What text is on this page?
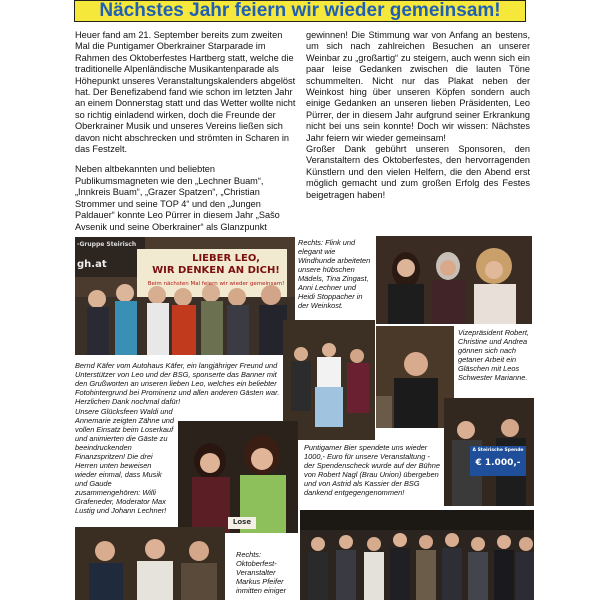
Nächstes Jahr feiern wir wieder gemeinsam!

Heuer fand am 21. September bereits zum zweiten Mal die Puntigamer Oberkrainer Starparade im Rahmen des Oktoberfestes Hartberg statt, welche die traditionelle Alpenländische Musikantenparade als Höhepunkt unseres Veranstaltungskalenders abgelöst hat. Der Benefizabend fand wie schon im letzten Jahr an einem Donnerstag statt und das Wetter wollte nicht so richtig einladend wirken, doch die Freunde der Oberkrainer Musik und unseres Vereins ließen sich davon nicht abschrecken und strömten in Scharen in das Festzelt.

Neben altbekannten und beliebten Publikumsmagneten wie den „Lechner Buam“, „Innkreis Buam“, „Grazer Spatzen“, „Christian Strommer und seine TOP 4“ und den „Jungen Paldauer“ konnte Leo Pürrer in diesem Jahr „Sašo Avsenik und seine Oberkrainer“ als Glanzpunkt

gewinnen! Die Stimmung war von Anfang an bestens, um sich nach zahlreichen Besuchen an unserer Weinbar zu „großartig“ zu steigern, auch wenn sich ein paar leise Gedanken zwischen die lauten Töne schummelten. Nicht nur das Plakat neben der Weinkost hing über unseren Köpfen sondern auch einige Gedanken an unseren lieben Präsidenten, Leo Pürrer, der in diesem Jahr aufgrund seiner Erkrankung nicht bei uns sein konnte! Doch wir wissen: Nächstes Jahr feiern wir wieder gemeinsam!

Großer Dank gebührt unseren Sponsoren, den Veranstaltern des Oktoberfestes, den hervorragenden Künstlern und den vielen Helfern, die den Abend erst möglich gemacht und zum großen Erfolg des Festes beigetragen haben!

-Gruppe Steirisch
gh.at
LIEBER LEO,
WIR DENKEN AN DICH!
Beim nächsten Mal feiern wir wieder gemeinsam!
Rechts: Flink und elegant wie Windhunde arbeiteten unsere hübschen Mädels, Tina Zingast, Anni Lechner und Heidi Stoppacher in der Weinkost.
Bernd Käfer vom Autohaus Käfer, ein langjähriger Freund und Unterstützer von Leo und der BSG, sponserte das Banner mit den Grußworten an unseren lieben Leo, welches ein beliebter Fotohintergrund bei Prominenz und allen anderen Gästen war. Herzlichen Dank nochmal dafür!
Vizepräsident Robert, Christine und Andrea gönnen sich nach getaner Arbeit ein Gläschen mit Leos Schwester Marianne.
A Steirische Spende
€ 1.000,-
Lose
Unsere Glücksfeen Waldi und Annemarie zeigten Zähne und vollen Einsatz beim Loserkauf und animierten die Gäste zu beeindruckenden Finanzspritzen! Die drei Herren unten beweisen wieder einmal, dass Musik und Gaude zusammengehören: Willi Grafeneder, Moderator Max Lustig und Johann Lechner!
Puntigamer Bier spendete uns wieder 1000,- Euro für unsere Veranstaltung - der Spendenscheck wurde auf der Bühne von Robert Nagl (Brau Union) übergeben und von Astrid als Kassier der BSG dankend entgegengenommen!
Rechts: Oktoberfest-Veranstalter Markus Pfeifer inmitten einiger
